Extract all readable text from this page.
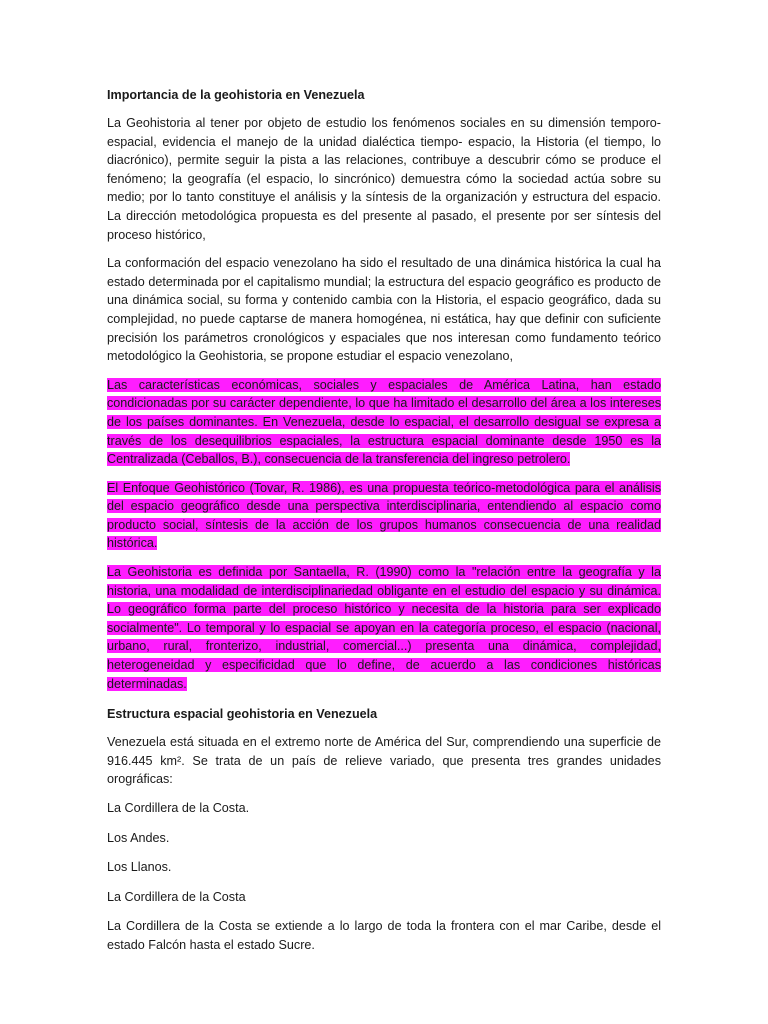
Importancia de la geohistoria en Venezuela
La Geohistoria al tener por objeto de estudio los fenómenos sociales en su dimensión temporo-espacial, evidencia el manejo de la unidad dialéctica tiempo- espacio, la Historia (el tiempo, lo diacrónico), permite seguir la pista a las relaciones, contribuye a descubrir cómo se produce el fenómeno; la geografía (el espacio, lo sincrónico) demuestra cómo la sociedad actúa sobre su medio; por lo tanto constituye el análisis y la síntesis de la organización y estructura del espacio. La dirección metodológica propuesta es del presente al pasado, el presente por ser síntesis del proceso histórico,
La conformación del espacio venezolano ha sido el resultado de una dinámica histórica la cual ha estado determinada por el capitalismo mundial; la estructura del espacio geográfico es producto de una dinámica social, su forma y contenido cambia con la Historia, el espacio geográfico, dada su complejidad, no puede captarse de manera homogénea, ni estática, hay que definir con suficiente precisión los parámetros cronológicos y espaciales que nos interesan como fundamento teórico metodológico la Geohistoria, se propone estudiar el espacio venezolano,
Las características económicas, sociales y espaciales de América Latina, han estado condicionadas por su carácter dependiente, lo que ha limitado el desarrollo del área a los intereses de los países dominantes. En Venezuela, desde lo espacial, el desarrollo desigual se expresa a través de los desequilibrios espaciales, la estructura espacial dominante desde 1950 es la Centralizada (Ceballos, B.), consecuencia de la transferencia del ingreso petrolero.
El Enfoque Geohistórico (Tovar, R. 1986), es una propuesta teórico-metodológica para el análisis del espacio geográfico desde una perspectiva interdisciplinaria, entendiendo al espacio como producto social, síntesis de la acción de los grupos humanos consecuencia de una realidad histórica.
La Geohistoria es definida por Santaella, R. (1990) como la "relación entre la geografía y la historia, una modalidad de interdisciplinariedad obligante en el estudio del espacio y su dinámica. Lo geográfico forma parte del proceso histórico y necesita de la historia para ser explicado socialmente". Lo temporal y lo espacial se apoyan en la categoría proceso, el espacio (nacional, urbano, rural, fronterizo, industrial, comercial...) presenta una dinámica, complejidad, heterogeneidad y especificidad que lo define, de acuerdo a las condiciones históricas determinadas.
Estructura espacial geohistoria en Venezuela
Venezuela está situada en el extremo norte de América del Sur, comprendiendo una superficie de 916.445 km². Se trata de un país de relieve variado, que presenta tres grandes unidades orográficas:
La Cordillera de la Costa.
Los Andes.
Los Llanos.
La Cordillera de la Costa
La Cordillera de la Costa se extiende a lo largo de toda la frontera con el mar Caribe, desde el estado Falcón hasta el estado Sucre.
